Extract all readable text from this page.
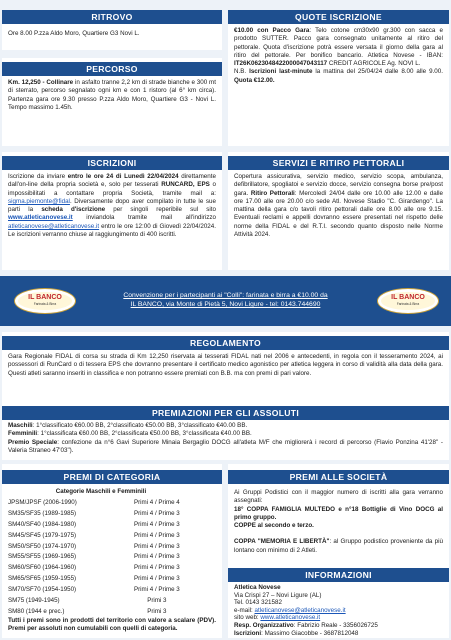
RITROVO
Ore 8.00 P.zza Aldo Moro, Quartiere G3 Novi L.
PERCORSO
Km. 12,250 - Collinare in asfalto tranne 2,2 km di strade bianche e 300 mt di sterrato, percorso segnalato ogni km e con 1 ristoro (al 6° km circa). Partenza gara ore 9.30 presso P.zza Aldo Moro, Quartiere G3 - Novi L. Tempo massimo 1.45h.
ISCRIZIONI
Iscrizione da inviare entro le ore 24 di Lunedì 22/04/2024 direttamente dall'on-line della propria società e, solo per tesserati RUNCARD, EPS o impossibilitati a contattare propria Società, tramite mail a: sigma.piemonte@fidal. Diversamente dopo aver compilato in tutte le sue parti la scheda d'iscrizione per singoli reperibile sul sito www.atleticanovese.it inviandola tramite mail all'indirizzo atleticanovese@atleticanovese.it entro le ore 12:00 di Giovedì 22/04/2024. Le iscrizioni verranno chiuse al raggiungimento di 400 iscritti.
QUOTE ISCRIZIONE
€10.00 con Pacco Gara: Telo cotone cm30x90 gr.300 con sacca e prodotto SUTTER. Pacco gara consegnato unitamente al ritiro del pettorale. Quota d'iscrizione potrà essere versata il giorno della gara al ritiro del pettorale. Per bonifico bancario. Atletica Novese - IBAN: IT26K0623048422000047043117 CREDIT AGRICOLE Ag. NOVI L.
N.B. Iscrizioni last-minute la mattina del 25/04/24 dalle 8.00 alle 9.00. Quota €12.00.
SERVIZI E RITIRO PETTORALI
Copertura assicurativa, servizio medico, servizio scopa, ambulanza, defibrillatore, spogliatoi e servizio docce, servizio consegna borse pre/post gara. Ritiro Pettorali: Mercoledì 24/04 dalle ore 10.00 alle 12.00 e dalle ore 17.00 alle ore 20.00 c/o sede Atl. Novese Stadio "C. Girardengo". La mattina della gara c/o tavoli ritiro pettorali dalle ore 8.00 alle ore 9.15. Eventuali reclami e appelli dovranno essere presentati nel rispetto delle norme della FIDAL e del R.T.I. secondo quanto disposto nelle Norme Attività 2024.
IL BANCO
Farinata & Birra
Convenzione per i partecipanti ai "Colli": farinata e birra a €10.00 da
IL BANCO, via Monte di Pietà 5, Novi Ligure - tel: 0143.744690
IL BANCO
Farinata & Birra
REGOLAMENTO
Gara Regionale FIDAL di corsa su strada di Km 12,250 riservata ai tesserati FIDAL nati nel 2006 e antecedenti, in regola con il tesseramento 2024, ai possessori di RunCard o di tessera EPS che dovranno presentare il certificato medico agonistico per atletica leggera in corso di validità alla data della gara. Questi atleti saranno inseriti in classifica e non potranno essere premiati con B.B. ma con premi di pari valore.
PREMIAZIONI PER GLI ASSOLUTI
Maschili: 1°classificato €60.00 BB, 2°classificato €50.00 BB, 3°classificato €40.00 BB.
Femminili: 1°classificata €60.00 BB, 2°classificata €50.00 BB, 3°classificata €40.00 BB.
Premio Speciale: confezione da n°6 Gavi Superiore Minaia Bergaglio DOCG all'atleta M/F che migliorerà i record di percorso (Flavio Ponzina 41'28" - Valeria Straneo 47'03").
PREMI DI CATEGORIA
Categorie Maschili e Femminili	
JPSM/JPSF (2006-1990)	Primi 4 / Prime 4
SM35/SF35 (1989-1985)	Primi 4 / Prime 3
SM40/SF40 (1984-1980)	Primi 4 / Prime 3
SM45/SF45 (1979-1975)	Primi 4 / Prime 3
SM50/SF50 (1974-1970)	Primi 4 / Prime 3
SM55/SF55 (1969-1965)	Primi 4 / Prime 3
SM60/SF60 (1964-1960)	Primi 4 / Prime 3
SM65/SF65 (1959-1955)	Primi 4 / Prime 3
SM70/SF70 (1954-1950)	Primi 4 / Prime 3
SM75 (1949-1945)	Primi 3
SM80 (1944 e prec.)	Primi 3
Tutti i premi sono in prodotti del territorio con valore a scalare (PDV). Premi per assoluti non cumulabili con quelli di categoria.
PREMI ALLE SOCIETÀ

Ai Gruppi Podistici con il maggior numero di iscritti alla gara verranno assegnati:

18° COPPA FAMIGLIA MULTEDO e n°18 Bottiglie di Vino DOCG al primo gruppo.

COPPE al secondo e terzo.

COPPA "MEMORIA E LIBERTÀ": al Gruppo podistico proveniente da più lontano con minimo di 2 Atleti.

INFORMAZIONI
Atletica Novese
Via Crispi 27 – Novi Ligure (AL)
Tel. 0143 321582
e-mail: atleticanovese@atleticanovese.it
sito web: www.atleticanovese.it
Resp. Organizzativo: Fabrizio Reale - 3356026725
Iscrizioni: Massimo Giacobbe - 3687812048
